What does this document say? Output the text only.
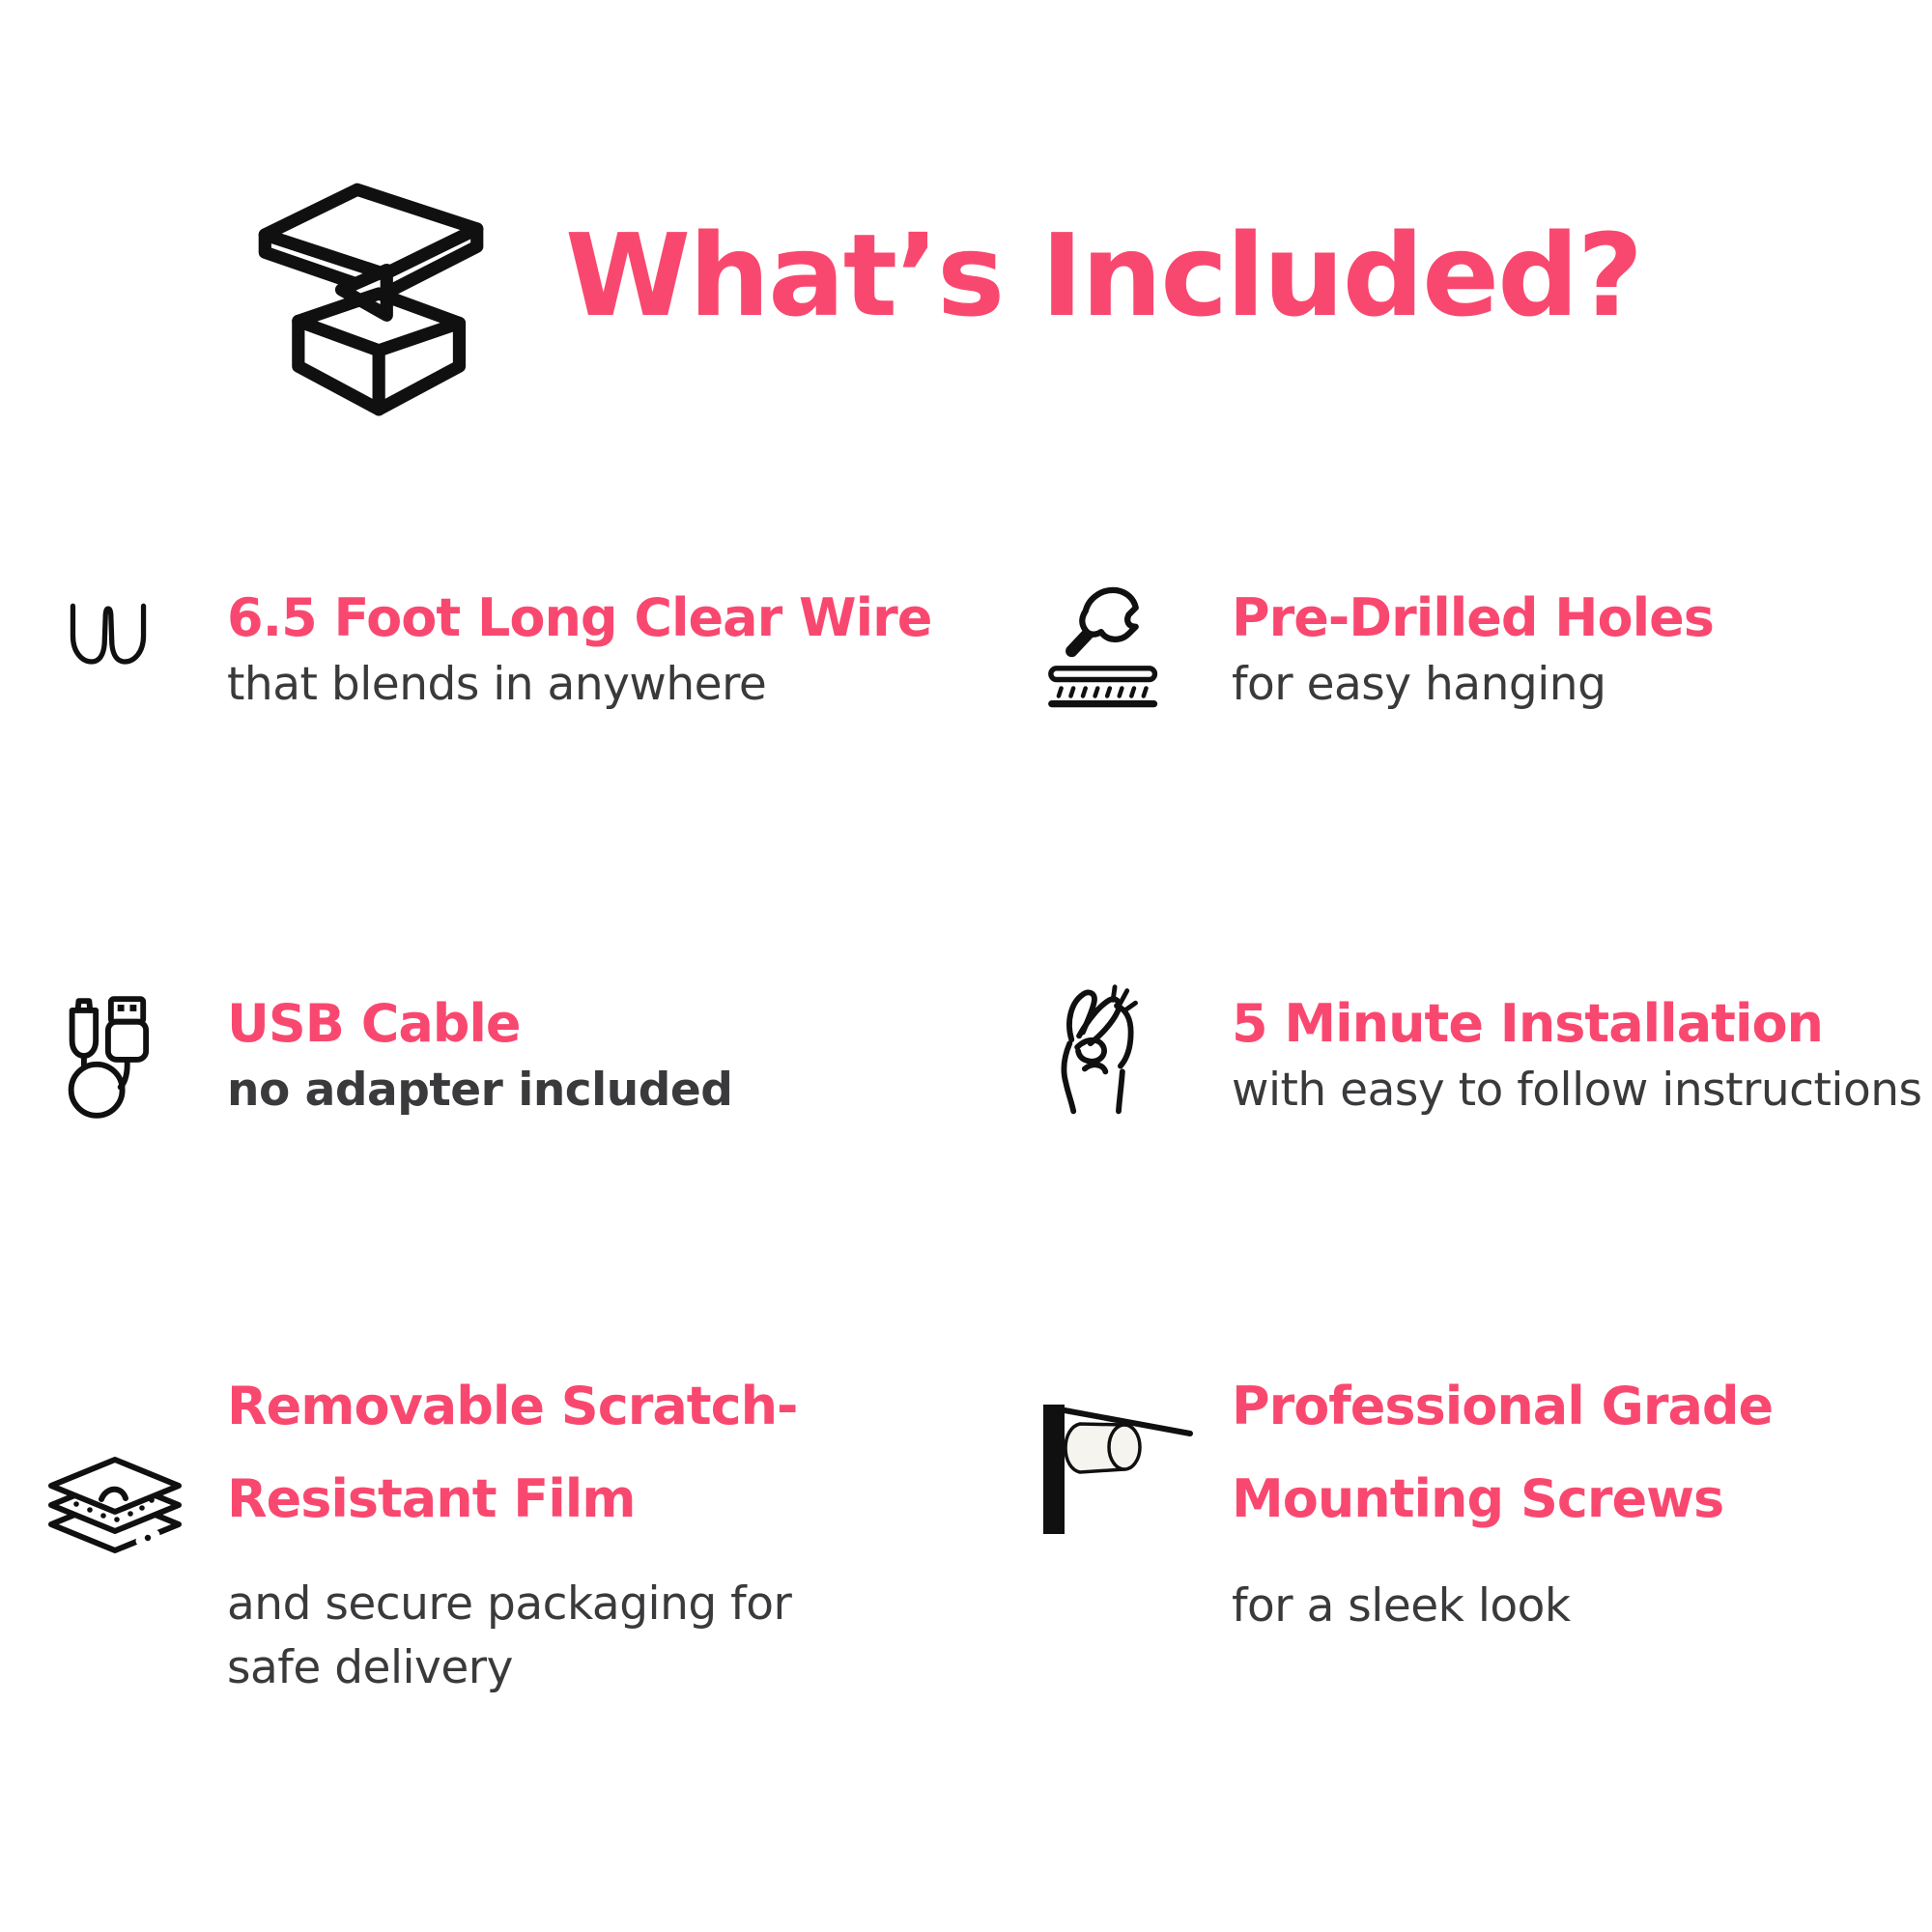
What’s Included?
6.5 Foot Long Clear Wire
that blends in anywhere
Pre-Drilled Holes
for easy hanging
USB Cable
no adapter included
5 Minute Installation
with easy to follow instructions
Removable Scratch-
Resistant Film
and secure packaging for
safe delivery
Professional Grade
Mounting Screws
for a sleek look
